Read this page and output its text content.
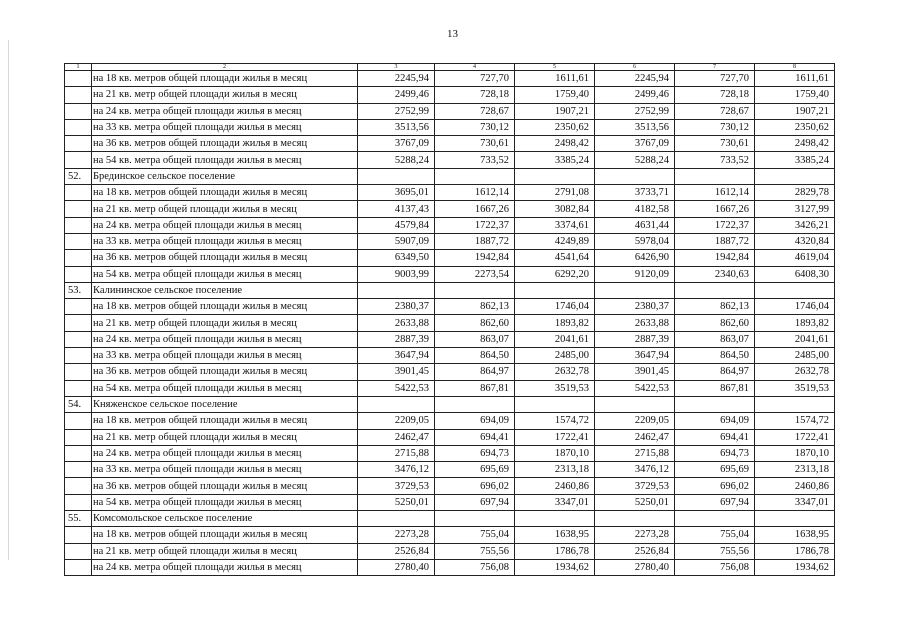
13
1	2	3	4	5	6	7	8
	на 18 кв. метров общей площади жилья в месяц	2245,94	727,70	1611,61	2245,94	727,70	1611,61
	на 21 кв. метр общей площади жилья в месяц	2499,46	728,18	1759,40	2499,46	728,18	1759,40
	на 24 кв. метра общей площади жилья в месяц	2752,99	728,67	1907,21	2752,99	728,67	1907,21
	на 33 кв. метра общей площади жилья в месяц	3513,56	730,12	2350,62	3513,56	730,12	2350,62
	на 36 кв. метров общей площади жилья в месяц	3767,09	730,61	2498,42	3767,09	730,61	2498,42
	на 54 кв. метра общей площади жилья в месяц	5288,24	733,52	3385,24	5288,24	733,52	3385,24
52.	Брединское сельское поселение						
	на 18 кв. метров общей площади жилья в месяц	3695,01	1612,14	2791,08	3733,71	1612,14	2829,78
	на 21 кв. метр общей площади жилья в месяц	4137,43	1667,26	3082,84	4182,58	1667,26	3127,99
	на 24 кв. метра общей площади жилья в месяц	4579,84	1722,37	3374,61	4631,44	1722,37	3426,21
	на 33 кв. метра общей площади жилья в месяц	5907,09	1887,72	4249,89	5978,04	1887,72	4320,84
	на 36 кв. метров общей площади жилья в месяц	6349,50	1942,84	4541,64	6426,90	1942,84	4619,04
	на 54 кв. метра общей площади жилья в месяц	9003,99	2273,54	6292,20	9120,09	2340,63	6408,30
53.	Калининское сельское поселение						
	на 18 кв. метров общей площади жилья в месяц	2380,37	862,13	1746,04	2380,37	862,13	1746,04
	на 21 кв. метр общей площади жилья в месяц	2633,88	862,60	1893,82	2633,88	862,60	1893,82
	на 24 кв. метра общей площади жилья в месяц	2887,39	863,07	2041,61	2887,39	863,07	2041,61
	на 33 кв. метра общей площади жилья в месяц	3647,94	864,50	2485,00	3647,94	864,50	2485,00
	на 36 кв. метров общей площади жилья в месяц	3901,45	864,97	2632,78	3901,45	864,97	2632,78
	на 54 кв. метра общей площади жилья в месяц	5422,53	867,81	3519,53	5422,53	867,81	3519,53
54.	Княженское сельское поселение						
	на 18 кв. метров общей площади жилья в месяц	2209,05	694,09	1574,72	2209,05	694,09	1574,72
	на 21 кв. метр общей площади жилья в месяц	2462,47	694,41	1722,41	2462,47	694,41	1722,41
	на 24 кв. метра общей площади жилья в месяц	2715,88	694,73	1870,10	2715,88	694,73	1870,10
	на 33 кв. метра общей площади жилья в месяц	3476,12	695,69	2313,18	3476,12	695,69	2313,18
	на 36 кв. метров общей площади жилья в месяц	3729,53	696,02	2460,86	3729,53	696,02	2460,86
	на 54 кв. метра общей площади жилья в месяц	5250,01	697,94	3347,01	5250,01	697,94	3347,01
55.	Комсомольское сельское поселение						
	на 18 кв. метров общей площади жилья в месяц	2273,28	755,04	1638,95	2273,28	755,04	1638,95
	на 21 кв. метр общей площади жилья в месяц	2526,84	755,56	1786,78	2526,84	755,56	1786,78
	на 24 кв. метра общей площади жилья в месяц	2780,40	756,08	1934,62	2780,40	756,08	1934,62
